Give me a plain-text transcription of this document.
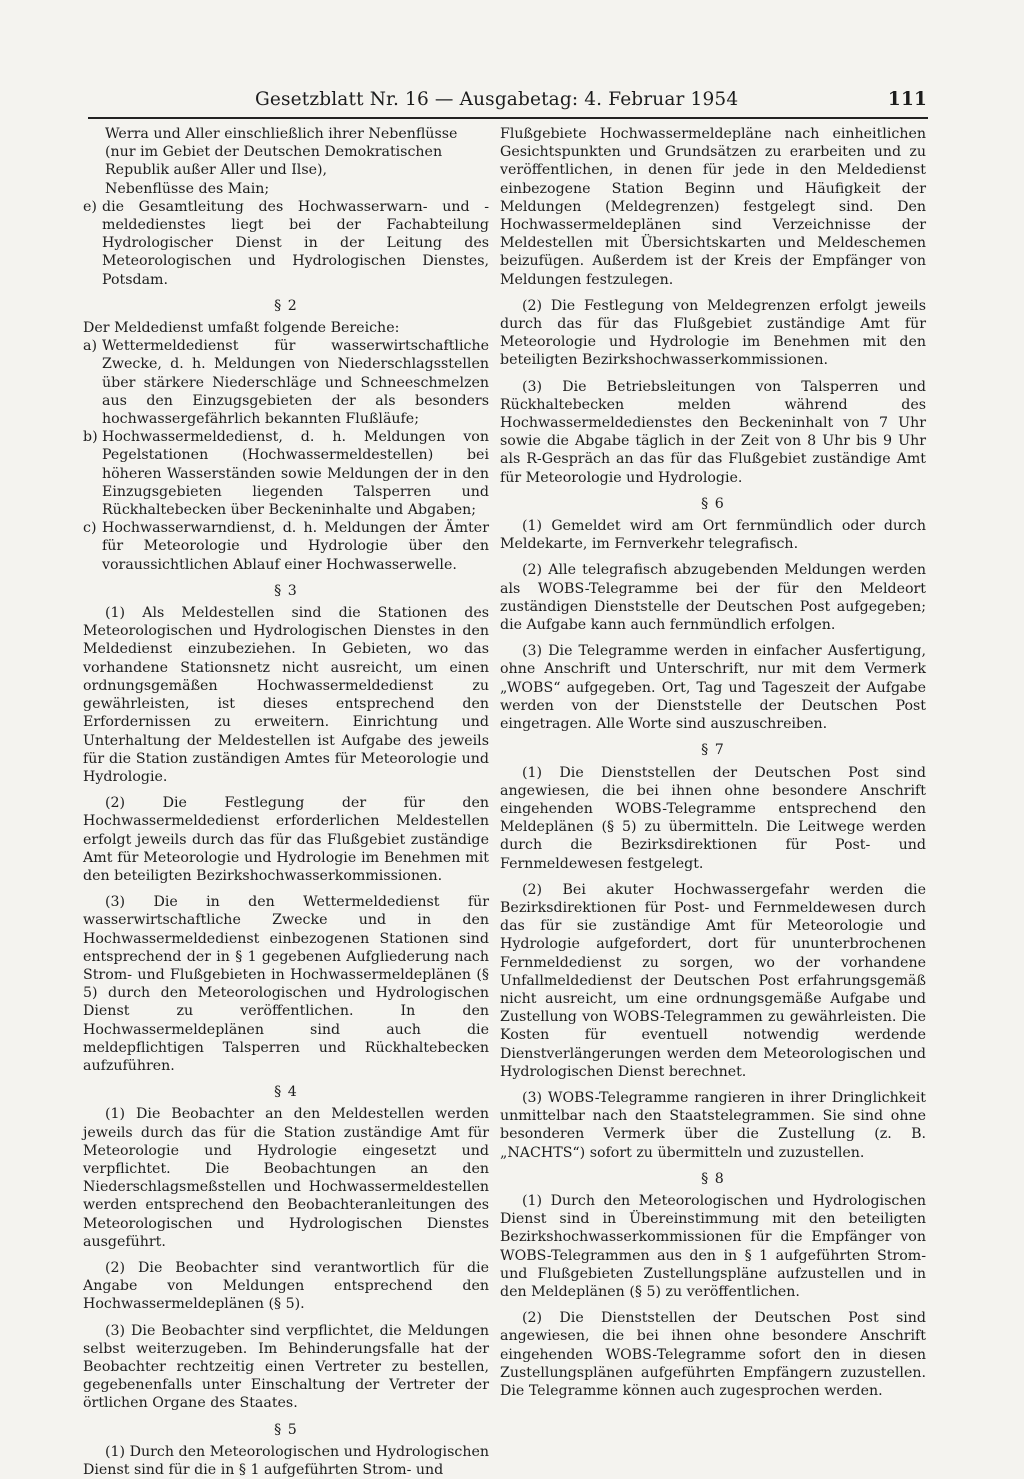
Gesetzblatt Nr. 16 — Ausgabetag: 4. Februar 1954	111
Werra und Aller einschließlich ihrer Nebenflüsse
(nur im Gebiet der Deutschen Demokratischen
Republik außer Aller und Ilse),
Nebenflüsse des Main;
e) die Gesamtleitung des Hochwasserwarn- und -meldedienstes liegt bei der Fachabteilung Hydrologischer Dienst in der Leitung des Meteorologischen und Hydrologischen Dienstes, Potsdam.
§ 2
Der Meldedienst umfaßt folgende Bereiche:
a) Wettermeldedienst für wasserwirtschaftliche Zwecke, d. h. Meldungen von Niederschlagsstellen über stärkere Niederschläge und Schneeschmelzen aus den Einzugsgebieten der als besonders hochwassergefährlich bekannten Flußläufe;
b) Hochwassermeldedienst, d. h. Meldungen von Pegelstationen (Hochwassermeldestellen) bei höheren Wasserständen sowie Meldungen der in den Einzugsgebieten liegenden Talsperren und Rückhaltebecken über Beckeninhalte und Abgaben;
c) Hochwasserwarndienst, d. h. Meldungen der Ämter für Meteorologie und Hydrologie über den voraussichtlichen Ablauf einer Hochwasserwelle.
§ 3

(1) Als Meldestellen sind die Stationen des Meteorologischen und Hydrologischen Dienstes in den Meldedienst einzubeziehen. In Gebieten, wo das vorhandene Stationsnetz nicht ausreicht, um einen ordnungsgemäßen Hochwassermeldedienst zu gewährleisten, ist dieses entsprechend den Erfordernissen zu erweitern. Einrichtung und Unterhaltung der Meldestellen ist Aufgabe des jeweils für die Station zuständigen Amtes für Meteorologie und Hydrologie.

(2) Die Festlegung der für den Hochwassermeldedienst erforderlichen Meldestellen erfolgt jeweils durch das für das Flußgebiet zuständige Amt für Meteorologie und Hydrologie im Benehmen mit den beteiligten Bezirkshochwasserkommissionen.

(3) Die in den Wettermeldedienst für wasserwirtschaftliche Zwecke und in den Hochwassermeldedienst einbezogenen Stationen sind entsprechend der in § 1 gegebenen Aufgliederung nach Strom- und Flußgebieten in Hochwassermeldeplänen (§ 5) durch den Meteorologischen und Hydrologischen Dienst zu veröffentlichen. In den Hochwassermeldeplänen sind auch die meldepflichtigen Talsperren und Rückhaltebecken aufzuführen.

§ 4

(1) Die Beobachter an den Meldestellen werden jeweils durch das für die Station zuständige Amt für Meteorologie und Hydrologie eingesetzt und verpflichtet. Die Beobachtungen an den Niederschlagsmeßstellen und Hochwassermeldestellen werden entsprechend den Beobachteranleitungen des Meteorologischen und Hydrologischen Dienstes ausgeführt.

(2) Die Beobachter sind verantwortlich für die Angabe von Meldungen entsprechend den Hochwassermeldeplänen (§ 5).

(3) Die Beobachter sind verpflichtet, die Meldungen selbst weiterzugeben. Im Behinderungsfalle hat der Beobachter rechtzeitig einen Vertreter zu bestellen, gegebenenfalls unter Einschaltung der Vertreter der örtlichen Organe des Staates.

§ 5

(1) Durch den Meteorologischen und Hydrologischen Dienst sind für die in § 1 aufgeführten Strom- und

Flußgebiete Hochwassermeldepläne nach einheitlichen Gesichtspunkten und Grundsätzen zu erarbeiten und zu veröffentlichen, in denen für jede in den Meldedienst einbezogene Station Beginn und Häufigkeit der Meldungen (Meldegrenzen) festgelegt sind. Den Hochwassermeldeplänen sind Verzeichnisse der Meldestellen mit Übersichtskarten und Meldeschemen beizufügen. Außerdem ist der Kreis der Empfänger von Meldungen festzulegen.

(2) Die Festlegung von Meldegrenzen erfolgt jeweils durch das für das Flußgebiet zuständige Amt für Meteorologie und Hydrologie im Benehmen mit den beteiligten Bezirkshochwasserkommissionen.

(3) Die Betriebsleitungen von Talsperren und Rückhaltebecken melden während des Hochwassermeldedienstes den Beckeninhalt von 7 Uhr sowie die Abgabe täglich in der Zeit von 8 Uhr bis 9 Uhr als R-Gespräch an das für das Flußgebiet zuständige Amt für Meteorologie und Hydrologie.

§ 6

(1) Gemeldet wird am Ort fernmündlich oder durch Meldekarte, im Fernverkehr telegrafisch.

(2) Alle telegrafisch abzugebenden Meldungen werden als WOBS-Telegramme bei der für den Meldeort zuständigen Dienststelle der Deutschen Post aufgegeben; die Aufgabe kann auch fernmündlich erfolgen.

(3) Die Telegramme werden in einfacher Ausfertigung, ohne Anschrift und Unterschrift, nur mit dem Vermerk „WOBS“ aufgegeben. Ort, Tag und Tageszeit der Aufgabe werden von der Dienststelle der Deutschen Post eingetragen. Alle Worte sind auszuschreiben.

§ 7

(1) Die Dienststellen der Deutschen Post sind angewiesen, die bei ihnen ohne besondere Anschrift eingehenden WOBS-Telegramme entsprechend den Meldeplänen (§ 5) zu übermitteln. Die Leitwege werden durch die Bezirksdirektionen für Post- und Fernmeldewesen festgelegt.

(2) Bei akuter Hochwassergefahr werden die Bezirksdirektionen für Post- und Fernmeldewesen durch das für sie zuständige Amt für Meteorologie und Hydrologie aufgefordert, dort für ununterbrochenen Fernmeldedienst zu sorgen, wo der vorhandene Unfallmeldedienst der Deutschen Post erfahrungsgemäß nicht ausreicht, um eine ordnungsgemäße Aufgabe und Zustellung von WOBS-Telegrammen zu gewährleisten. Die Kosten für eventuell notwendig werdende Dienstverlängerungen werden dem Meteorologischen und Hydrologischen Dienst berechnet.

(3) WOBS-Telegramme rangieren in ihrer Dringlichkeit unmittelbar nach den Staatstelegrammen. Sie sind ohne besonderen Vermerk über die Zustellung (z. B. „NACHTS“) sofort zu übermitteln und zuzustellen.

§ 8

(1) Durch den Meteorologischen und Hydrologischen Dienst sind in Übereinstimmung mit den beteiligten Bezirkshochwasserkommissionen für die Empfänger von WOBS-Telegrammen aus den in § 1 aufgeführten Strom- und Flußgebieten Zustellungspläne aufzustellen und in den Meldeplänen (§ 5) zu veröffentlichen.

(2) Die Dienststellen der Deutschen Post sind angewiesen, die bei ihnen ohne besondere Anschrift eingehenden WOBS-Telegramme sofort den in diesen Zustellungsplänen aufgeführten Empfängern zuzustellen. Die Telegramme können auch zugesprochen werden.
